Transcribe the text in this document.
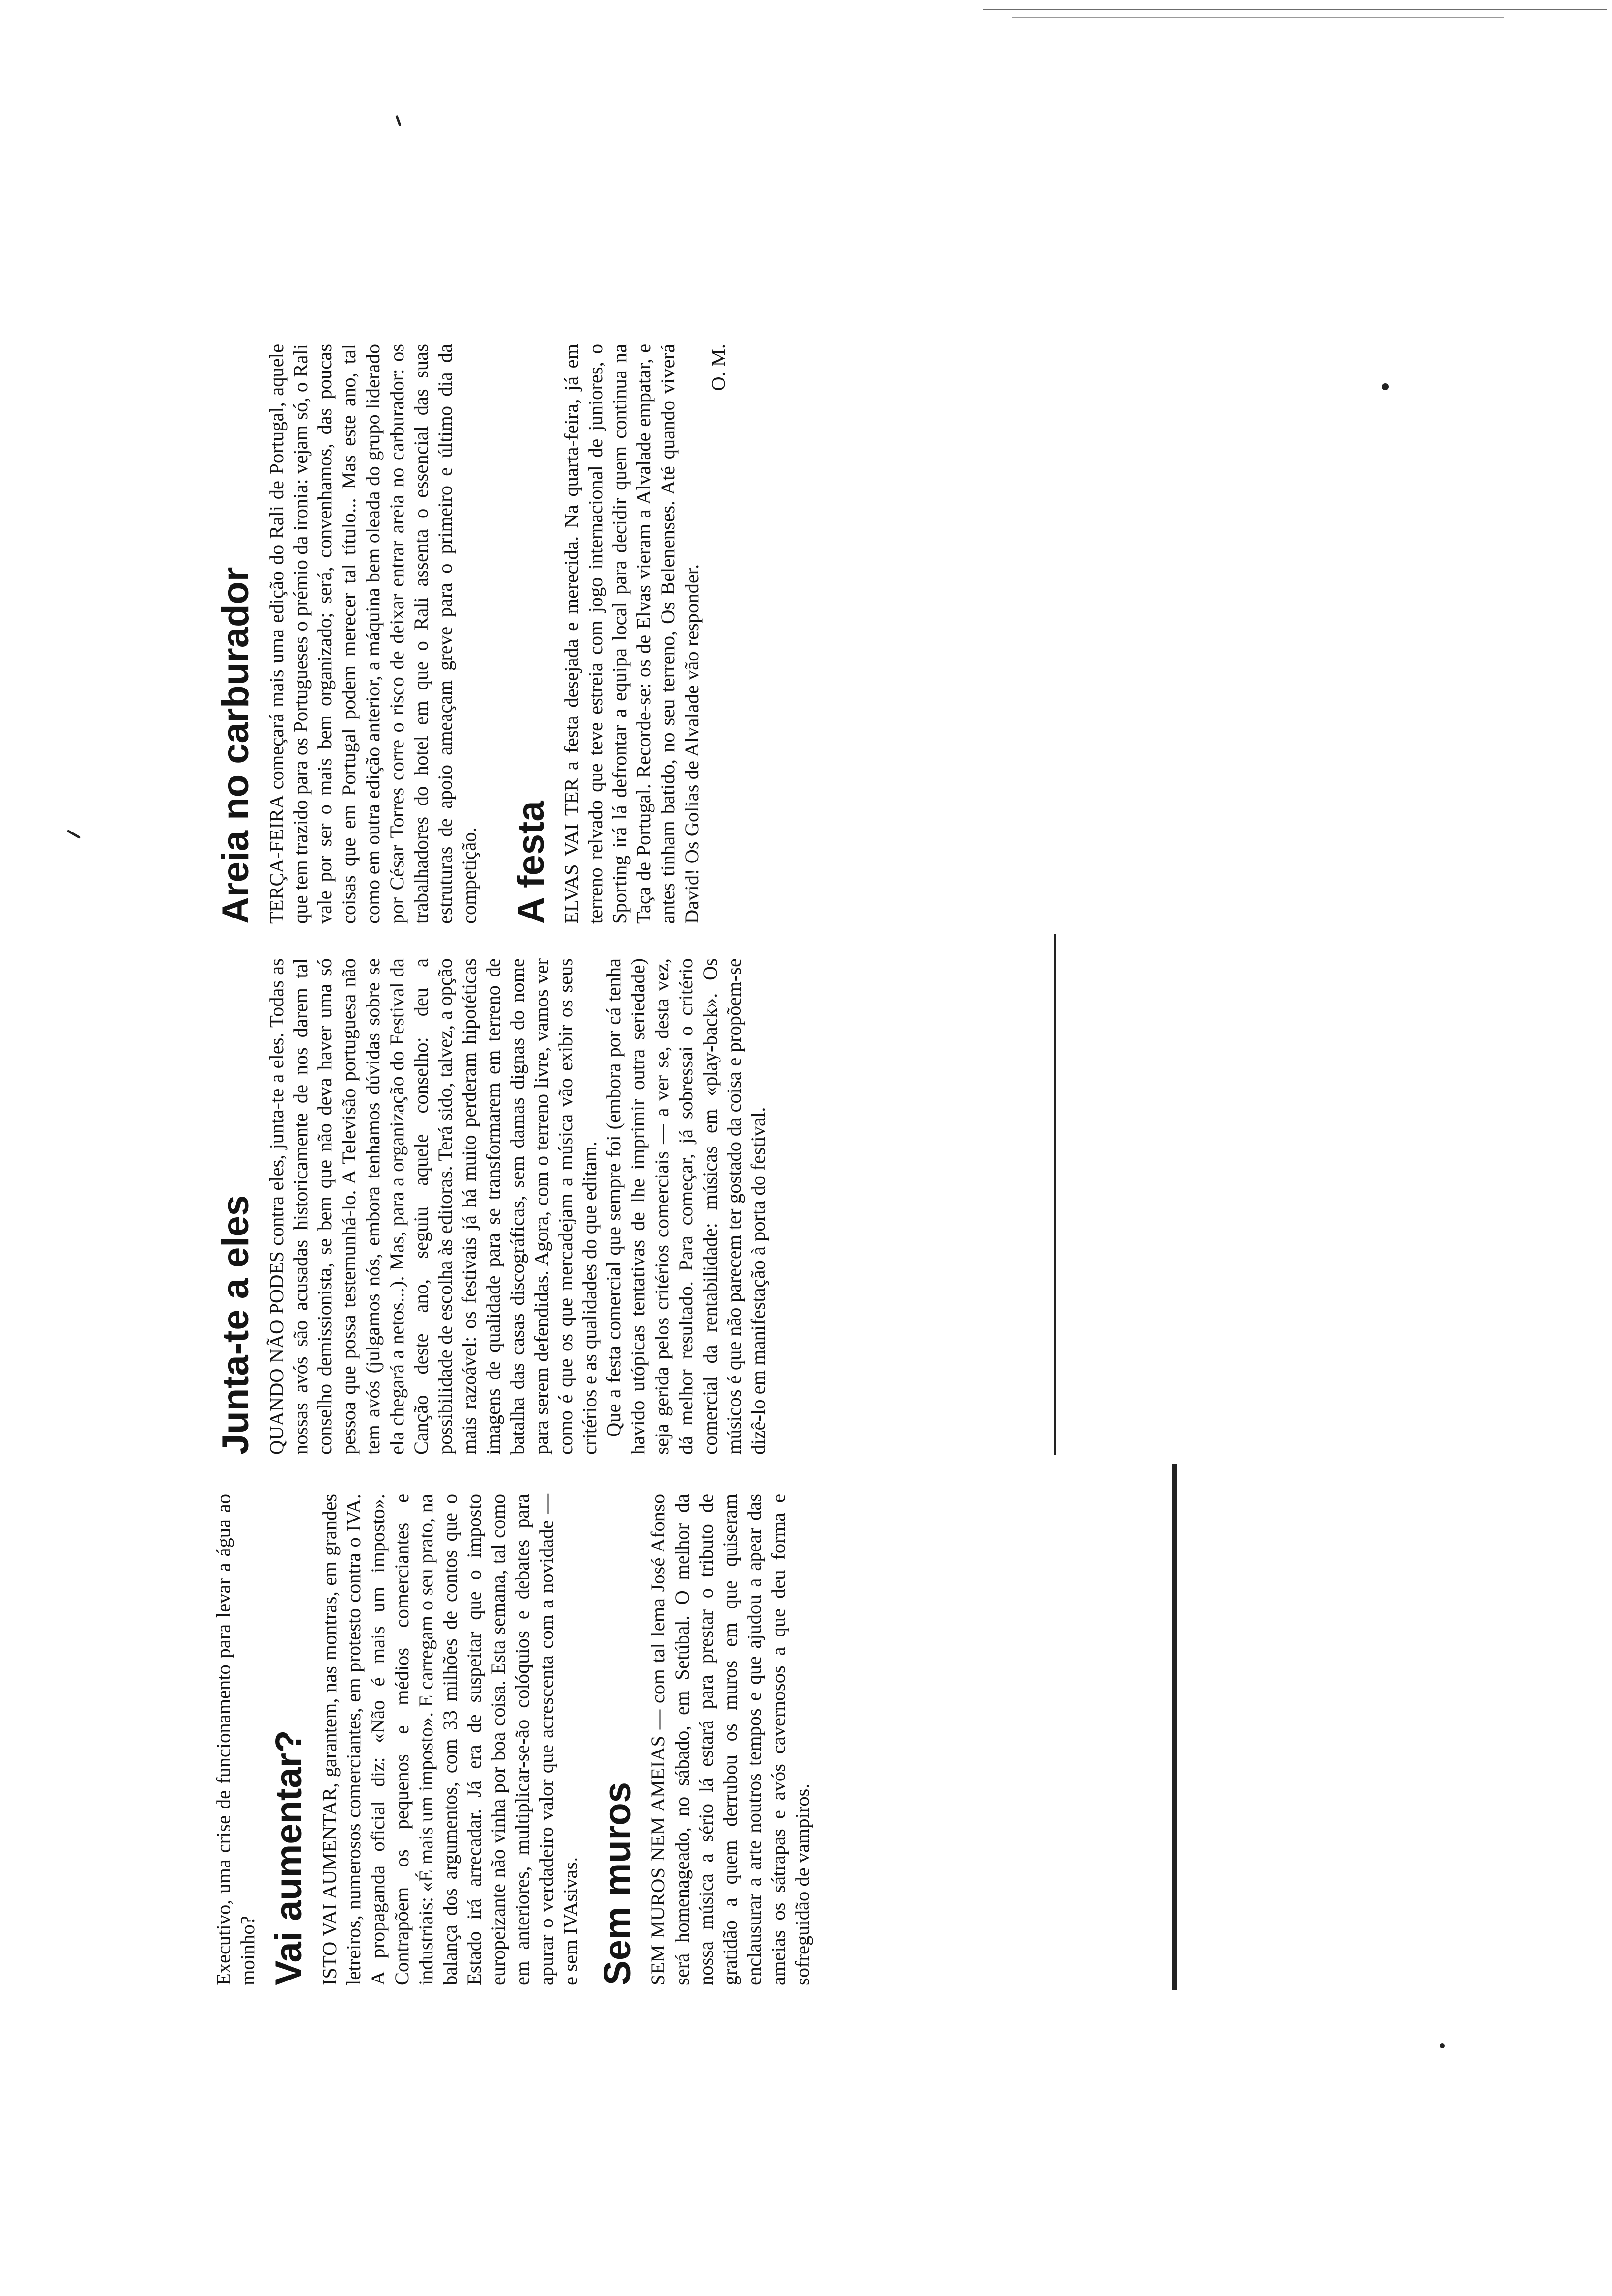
Executivo, uma crise de funcionamento para levar a água ao moinho? Vai aumentar? ISTO VAI AUMENTAR, garantem, nas montras, em grandes letreiros, numerosos comerciantes, em protesto contra o IVA. A propaganda oficial diz: «Não é mais um imposto». Contrapõem os pequenos e médios comerciantes e industriais: «É mais um imposto». E carregam o seu prato, na balança dos argumentos, com 33 milhões de contos que o Estado irá arrecadar. Já era de suspeitar que o imposto europeizante não vinha por boa coisa. Esta semana, tal como em anteriores, multiplicar-se-ão colóquios e debates para apurar o verdadeiro valor que acrescenta com a novidade — e sem IVAsivas. Sem muros SEM MUROS NEM AMEIAS — com tal lema José Afonso será homenageado, no sábado, em Setúbal. O melhor da nossa música a sério lá estará para prestar o tributo de gratidão a quem derrubou os muros em que quiseram enclausurar a arte noutros tempos e que ajudou a apear das ameias os sátrapas e avós cavernosos a que deu forma e sofreguidão de vampiros.

Junta-te a eles QUANDO NÃO PODES contra eles, junta-te a eles. Todas as nossas avós são acusadas historicamente de nos darem tal conselho demissionista, se bem que não deva haver uma só pessoa que possa testemunhá-lo. A Televisão portuguesa não tem avós (julgamos nós, embora tenhamos dúvidas sobre se ela chegará a netos...). Mas, para a organização do Festival da Canção deste ano, seguiu aquele conselho: deu a possibilidade de escolha às editoras. Terá sido, talvez, a opção mais razoável: os festivais já há muito perderam hipotéticas imagens de qualidade para se transformarem em terreno de batalha das casas discográficas, sem damas dignas do nome para serem defendidas. Agora, com o terreno livre, vamos ver como é que os que mercadejam a música vão exibir os seus critérios e as qualidades do que editam. Que a festa comercial que sempre foi (embora por cá tenha havido utópicas tentativas de lhe imprimir outra seriedade) seja gerida pelos critérios comerciais — a ver se, desta vez, dá melhor resultado. Para começar, já sobressai o critério comercial da rentabilidade: músicas em «play-back». Os músicos é que não parecem ter gostado da coisa e propõem-se dizê-lo em manifestação à porta do festival.

Areia no carburador TERÇA-FEIRA começará mais uma edição do Rali de Portugal, aquele que tem trazido para os Portugueses o prémio da ironia: vejam só, o Rali vale por ser o mais bem organizado; será, convenhamos, das poucas coisas que em Portugal podem merecer tal título... Mas este ano, tal como em outra edição anterior, a máquina bem oleada do grupo liderado por César Torres corre o risco de deixar entrar areia no carburador: os trabalhadores do hotel em que o Rali assenta o essencial das suas estruturas de apoio ameaçam greve para o primeiro e último dia da competição. A festa ELVAS VAI TER a festa desejada e merecida. Na quarta-feira, já em terreno relvado que teve estreia com jogo internacional de juniores, o Sporting irá lá defrontar a equipa local para decidir quem continua na Taça de Portugal. Recorde-se: os de Elvas vieram a Alvalade empatar, e antes tinham batido, no seu terreno, Os Belenenses. Até quando viverá David! Os Golias de Alvalade vão responder.

O. M.
